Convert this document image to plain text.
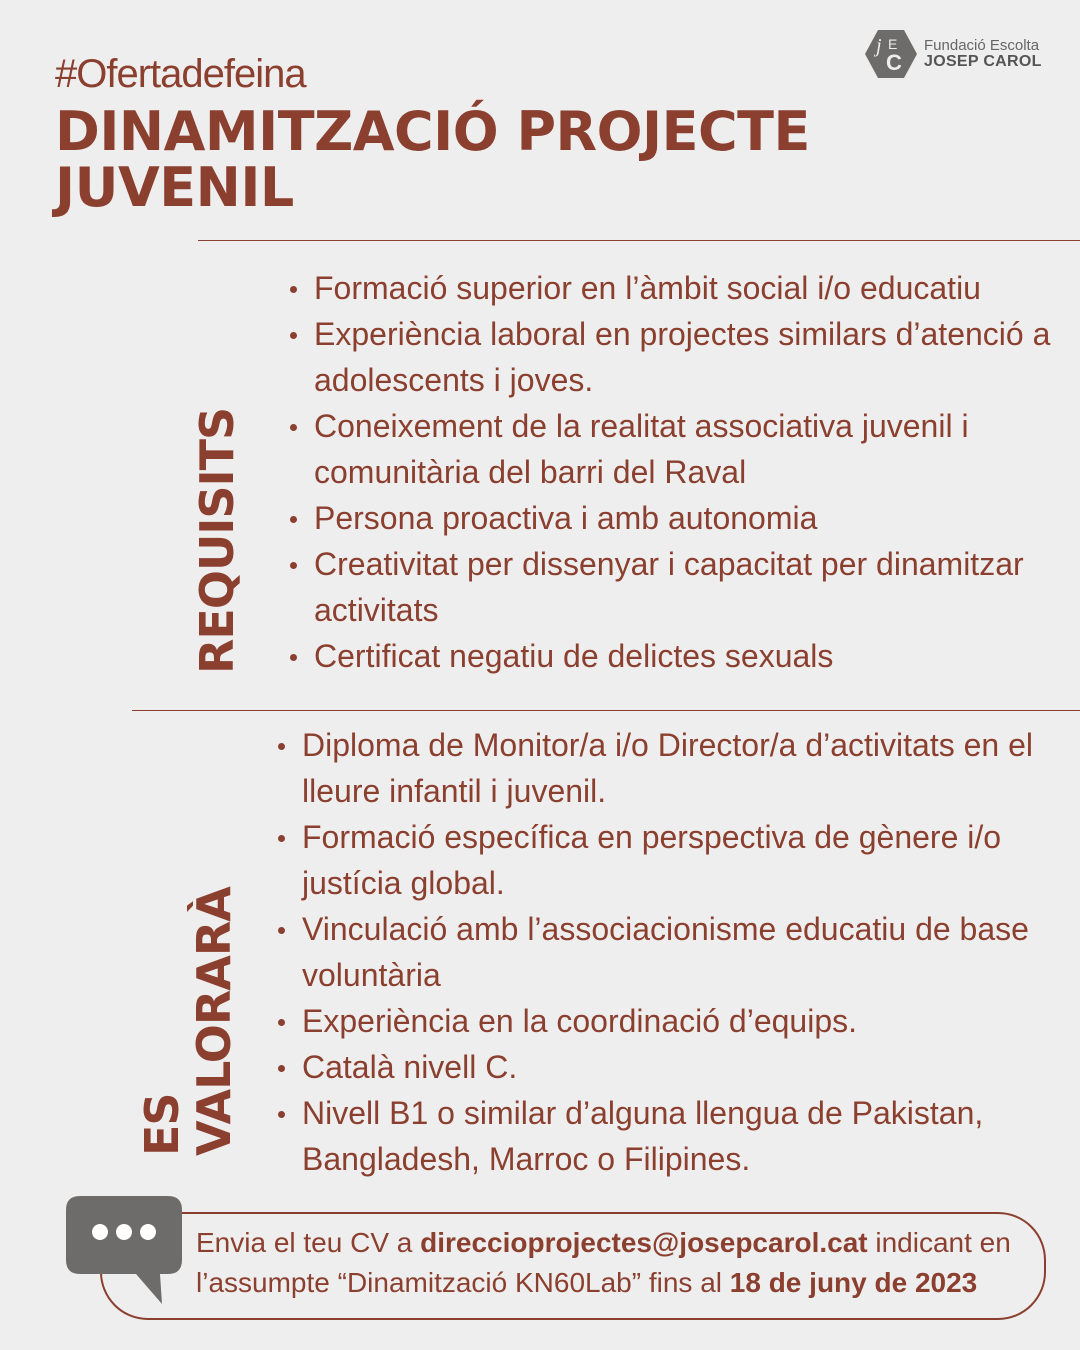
#Ofertadefeina
DINAMITZACIÓ PROJECTE JUVENIL
j E
C
Fundació Escolta
JOSEP CAROL
REQUISITS
Formació superior en l’àmbit social i/o educatiu
Experiència laboral en projectes similars d’atenció a adolescents i joves.
Coneixement de la realitat associativa juvenil i comunitària del barri del Raval
Persona proactiva i amb autonomia
Creativitat per dissenyar i capacitat per dinamitzar activitats
Certificat negatiu de delictes sexuals
ES
VALORARÀ
Diploma de Monitor/a i/o Director/a d’activitats en el lleure infantil i juvenil.
Formació específica en perspectiva de gènere i/o justícia global.
Vinculació amb l’associacionisme educatiu de base voluntària
Experiència en la coordinació d’equips.
Català nivell C.
Nivell B1 o similar d’alguna llengua de Pakistan, Bangladesh, Marroc o Filipines.
Envia el teu CV a direccioprojectes@josepcarol.cat indicant en l’assumpte “Dinamització KN60Lab” fins al 18 de juny de 2023
